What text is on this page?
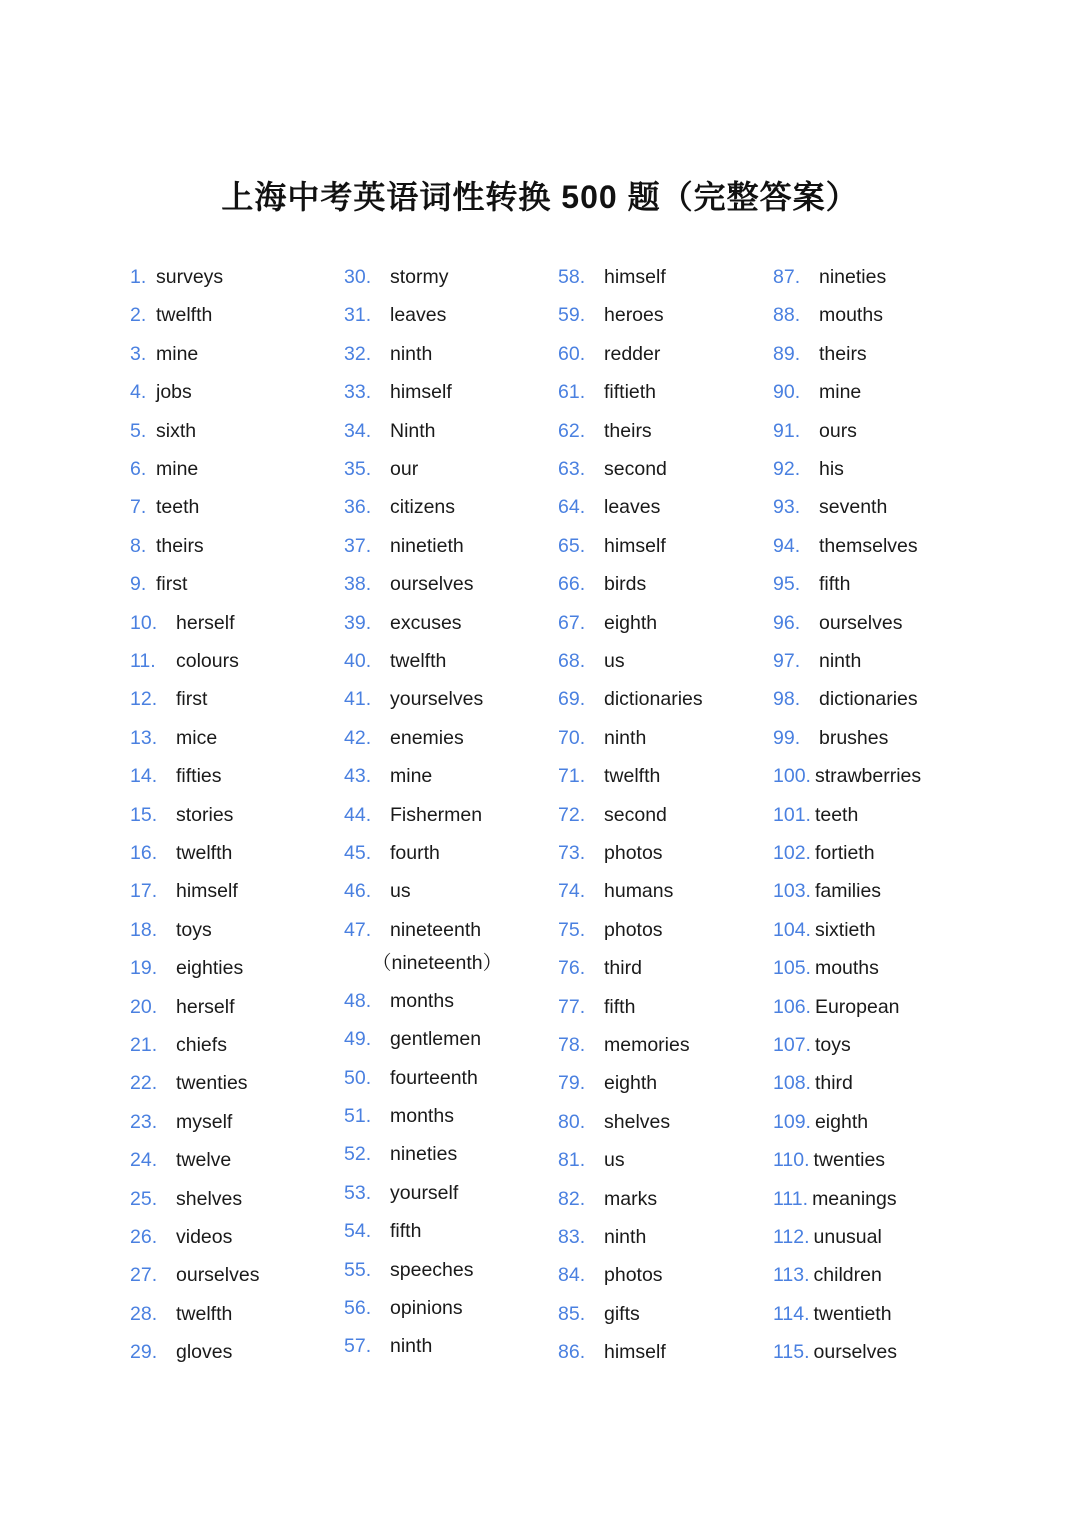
上海中考英语词性转换 500 题（完整答案）
1. surveys
2. twelfth
3. mine
4. jobs
5. sixth
6. mine
7. teeth
8. theirs
9. first
10. herself
11. colours
12. first
13. mice
14. fifties
15. stories
16. twelfth
17. himself
18. toys
19. eighties
20. herself
21. chiefs
22. twenties
23. myself
24. twelve
25. shelves
26. videos
27. ourselves
28. twelfth
29. gloves
30. stormy
31. leaves
32. ninth
33. himself
34. Ninth
35. our
36. citizens
37. ninetieth
38. ourselves
39. excuses
40. twelfth
41. yourselves
42. enemies
43. mine
44. Fishermen
45. fourth
46. us
47. nineteenth
（nineteenth）
48. months
49. gentlemen
50. fourteenth
51. months
52. nineties
53. yourself
54. fifth
55. speeches
56. opinions
57. ninth
58. himself
59. heroes
60. redder
61. fiftieth
62. theirs
63. second
64. leaves
65. himself
66. birds
67. eighth
68. us
69. dictionaries
70. ninth
71. twelfth
72. second
73. photos
74. humans
75. photos
76. third
77. fifth
78. memories
79. eighth
80. shelves
81. us
82. marks
83. ninth
84. photos
85. gifts
86. himself
87. nineties
88. mouths
89. theirs
90. mine
91. ours
92. his
93. seventh
94. themselves
95. fifth
96. ourselves
97. ninth
98. dictionaries
99. brushes
100. strawberries
101. teeth
102. fortieth
103. families
104. sixtieth
105. mouths
106. European
107. toys
108. third
109. eighth
110. twenties
111. meanings
112. unusual
113. children
114. twentieth
115. ourselves
